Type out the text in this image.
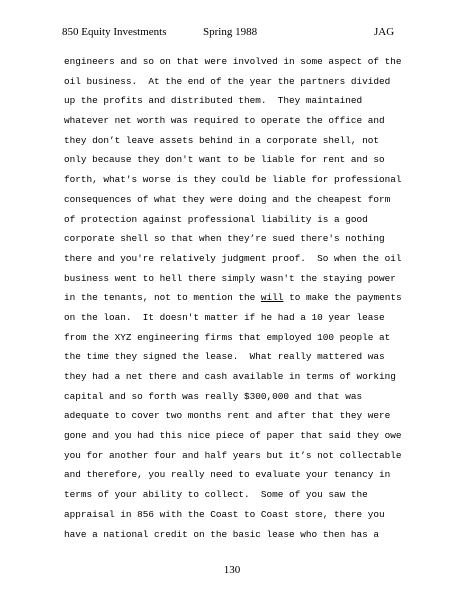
850 Equity Investments	Spring 1988	JAG
engineers and so on that were involved in some aspect of the
oil business.  At the end of the year the partners divided
up the profits and distributed them.  They maintained
whatever net worth was required to operate the office and
they don’t leave assets behind in a corporate shell, not
only because they don't want to be liable for rent and so
forth, what's worse is they could be liable for professional
consequences of what they were doing and the cheapest form
of protection against professional liability is a good
corporate shell so that when they’re sued there's nothing
there and you're relatively judgment proof.  So when the oil
business went to hell there simply wasn't the staying power
in the tenants, not to mention the will to make the payments
on the loan.  It doesn't matter if he had a 10 year lease
from the XYZ engineering firms that employed 100 people at
the time they signed the lease.  What really mattered was
they had a net there and cash available in terms of working
capital and so forth was really $300,000 and that was
adequate to cover two months rent and after that they were
gone and you had this nice piece of paper that said they owe
you for another four and half years but it’s not collectable
and therefore, you really need to evaluate your tenancy in
terms of your ability to collect.  Some of you saw the
appraisal in 856 with the Coast to Coast store, there you
have a national credit on the basic lease who then has a
130
